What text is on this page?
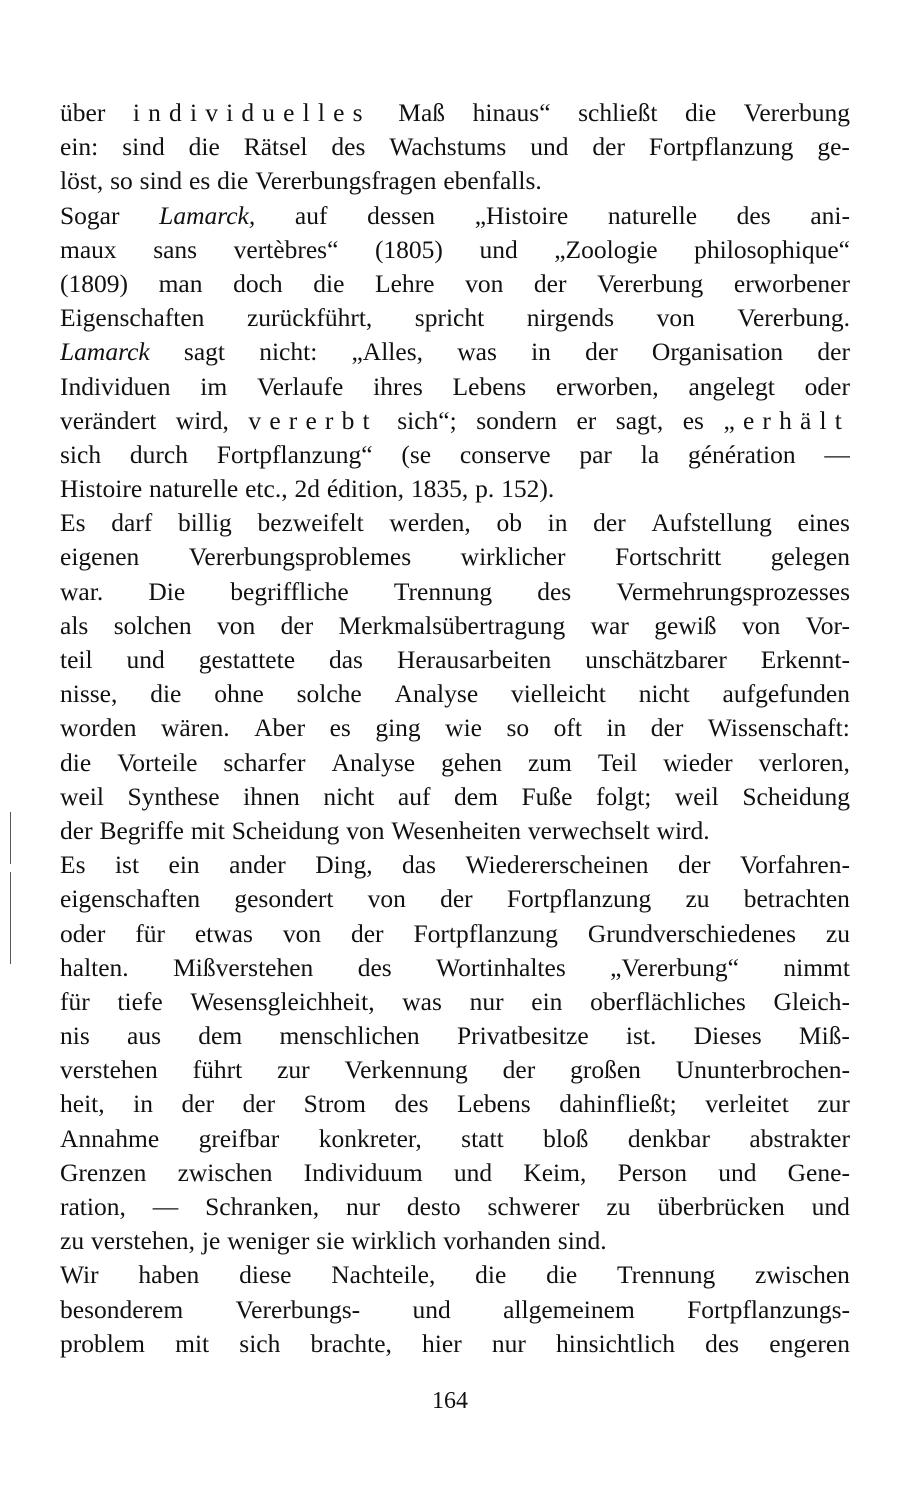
über individuelles Maß hinaus“ schließt die Vererbung
ein: sind die Rätsel des Wachstums und der Fortpflanzung ge-
löst, so sind es die Vererbungsfragen ebenfalls.
Sogar Lamarck, auf dessen „Histoire naturelle des ani-
maux sans vertèbres“ (1805) und „Zoologie philosophique“
(1809) man doch die Lehre von der Vererbung erworbener
Eigenschaften zurückführt, spricht nirgends von Vererbung.
Lamarck sagt nicht: „Alles, was in der Organisation der
Individuen im Verlaufe ihres Lebens erworben, angelegt oder
verändert wird, vererbt sich“; sondern er sagt, es „erhält
sich durch Fortpflanzung“ (se conserve par la génération —
Histoire naturelle etc., 2d édition, 1835, p. 152).
Es darf billig bezweifelt werden, ob in der Aufstellung eines
eigenen Vererbungsproblemes wirklicher Fortschritt gelegen
war. Die begriffliche Trennung des Vermehrungsprozesses
als solchen von der Merkmalsübertragung war gewiß von Vor-
teil und gestattete das Herausarbeiten unschätzbarer Erkennt-
nisse, die ohne solche Analyse vielleicht nicht aufgefunden
worden wären. Aber es ging wie so oft in der Wissenschaft:
die Vorteile scharfer Analyse gehen zum Teil wieder verloren,
weil Synthese ihnen nicht auf dem Fuße folgt; weil Scheidung
der Begriffe mit Scheidung von Wesenheiten verwechselt wird.
Es ist ein ander Ding, das Wiedererscheinen der Vorfahren-
eigenschaften gesondert von der Fortpflanzung zu betrachten
oder für etwas von der Fortpflanzung Grundverschiedenes zu
halten. Mißverstehen des Wortinhaltes „Vererbung“ nimmt
für tiefe Wesensgleichheit, was nur ein oberflächliches Gleich-
nis aus dem menschlichen Privatbesitze ist. Dieses Miß-
verstehen führt zur Verkennung der großen Ununterbrochen-
heit, in der der Strom des Lebens dahinfließt; verleitet zur
Annahme greifbar konkreter, statt bloß denkbar abstrakter
Grenzen zwischen Individuum und Keim, Person und Gene-
ration, — Schranken, nur desto schwerer zu überbrücken und
zu verstehen, je weniger sie wirklich vorhanden sind.
Wir haben diese Nachteile, die die Trennung zwischen
besonderem Vererbungs- und allgemeinem Fortpflanzungs-
problem mit sich brachte, hier nur hinsichtlich des engeren
164
